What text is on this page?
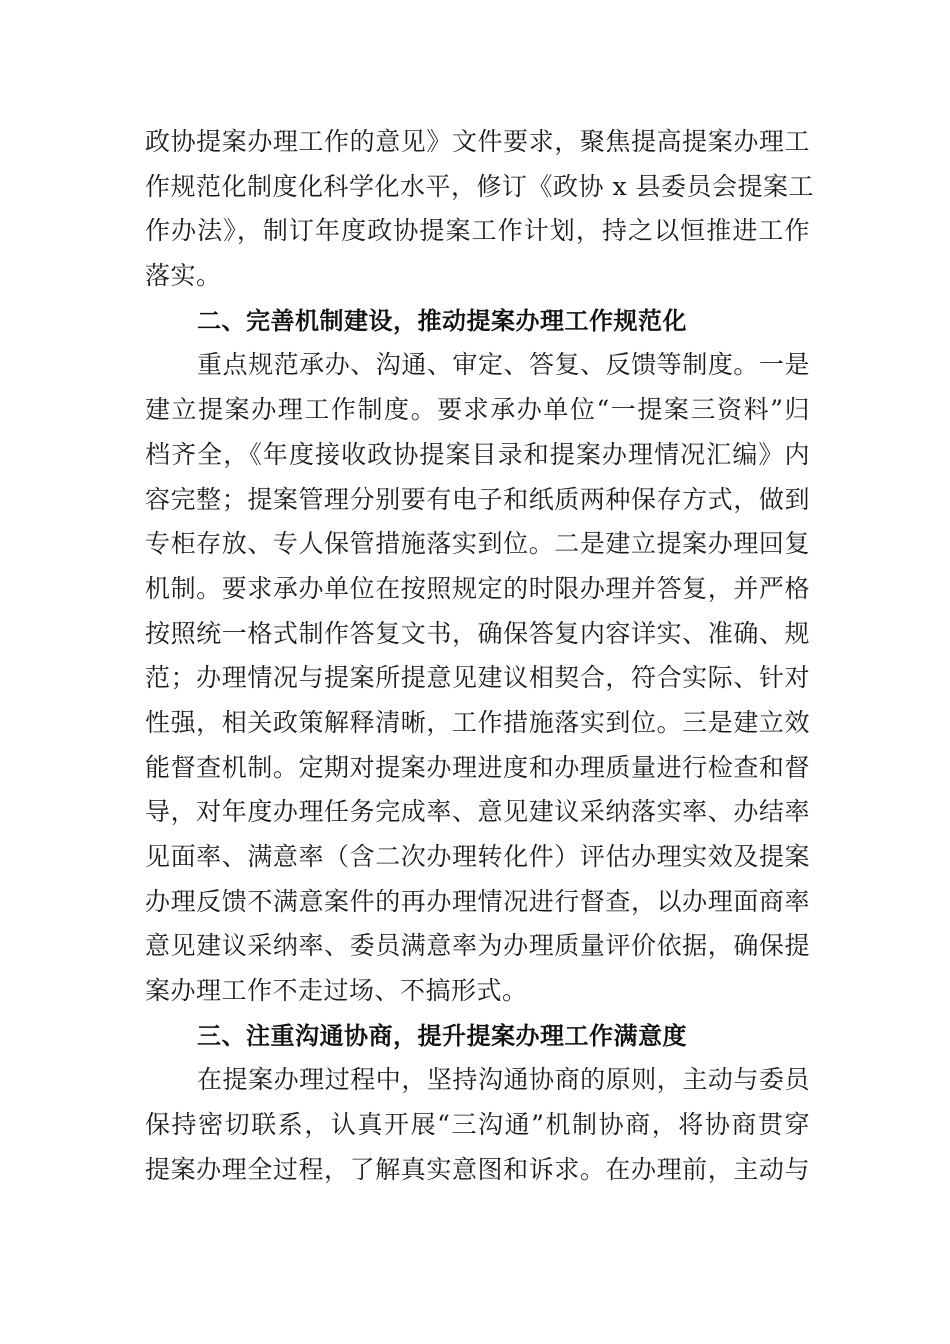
政协提案办理工作的意见》文件要求，聚焦提高提案办理工
作规范化制度化科学化水平，修订《政协 x 县委员会提案工
作办法》，制订年度政协提案工作计划，持之以恒推进工作
落实。
二、完善机制建设，推动提案办理工作规范化
重点规范承办、沟通、审定、答复、反馈等制度。一是
建立提案办理工作制度。要求承办单位“一提案三资料”归
档齐全，《年度接收政协提案目录和提案办理情况汇编》内
容完整；提案管理分别要有电子和纸质两种保存方式，做到
专柜存放、专人保管措施落实到位。二是建立提案办理回复
机制。要求承办单位在按照规定的时限办理并答复，并严格
按照统一格式制作答复文书，确保答复内容详实、准确、规
范；办理情况与提案所提意见建议相契合，符合实际、针对
性强，相关政策解释清晰，工作措施落实到位。三是建立效
能督查机制。定期对提案办理进度和办理质量进行检查和督
导，对年度办理任务完成率、意见建议采纳落实率、办结率
见面率、满意率（含二次办理转化件）评估办理实效及提案
办理反馈不满意案件的再办理情况进行督查，以办理面商率
意见建议采纳率、委员满意率为办理质量评价依据，确保提
案办理工作不走过场、不搞形式。
三、注重沟通协商，提升提案办理工作满意度
在提案办理过程中，坚持沟通协商的原则，主动与委员
保持密切联系，认真开展“三沟通”机制协商，将协商贯穿
提案办理全过程，了解真实意图和诉求。在办理前，主动与
